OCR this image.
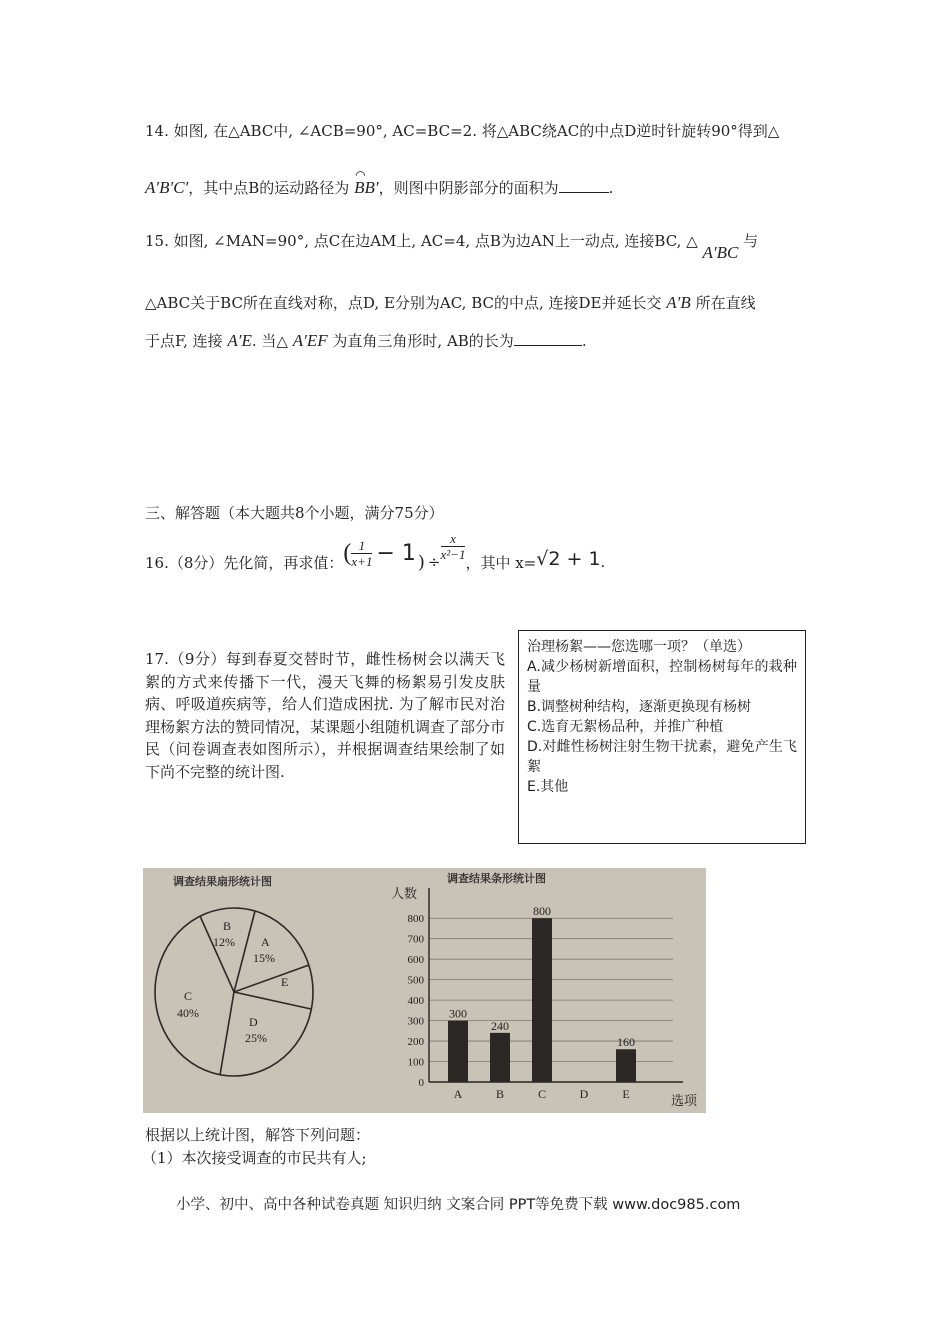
14. 如图, 在△ABC中, ∠ACB=90°, AC=BC=2. 将△ABC绕AC的中点D逆时针旋转90°得到△
A′B′C′，其中点B的运动路径为
◠
BB′，则图中阴影部分的面积为	.
15. 如图, ∠MAN=90°, 点C在边AM上, AC=4, 点B为边AN上一动点, 连接BC, △ A′BC 与
△ABC关于BC所在直线对称，点D, E分别为AC, BC的中点, 连接DE并延长交 A′B 所在直线
于点F, 连接 A′E. 当△ A′EF 为直角三角形时, AB的长为	.
三、解答题（本大题共8个小题，满分75分）
16.（8分）先化简，再求值： ( $\frac{1}{x+1} - 1$ ) ÷
$\frac{x}{\text{x²−1}}$
，其中 x= √2 + 1 .
17.（9分）每到春夏交替时节，雌性杨树会以满天飞絮的方式来传播下一代，漫天飞舞的杨絮易引发皮肤病、呼吸道疾病等，给人们造成困扰. 为了解市民对治理杨絮方法的赞同情况，某课题小组随机调查了部分市民（问卷调查表如图所示），并根据调查结果绘制了如下尚不完整的统计图.
治理杨絮——您选哪一项？（单选）
A.减少杨树新增面积，控制杨树每年的栽种量
B.调整树种结构，逐渐更换现有杨树
C.选育无絮杨品种，并推广种植
D.对雌性杨树注射生物干扰素，避免产生飞絮
E.其他
调查结果扇形统计图
B
12% A
15%
E
C
40%
D
25%
调查结果条形统计图
人数
选项
0
100
200
300
400
500
600
700
800
A	B	C	D	E
300
240
800
160
根据以上统计图，解答下列问题：
（1）本次接受调查的市民共有人;
小学、初中、高中各种试卷真题 知识归纳 文案合同 PPT等免费下载 www.doc985.com
